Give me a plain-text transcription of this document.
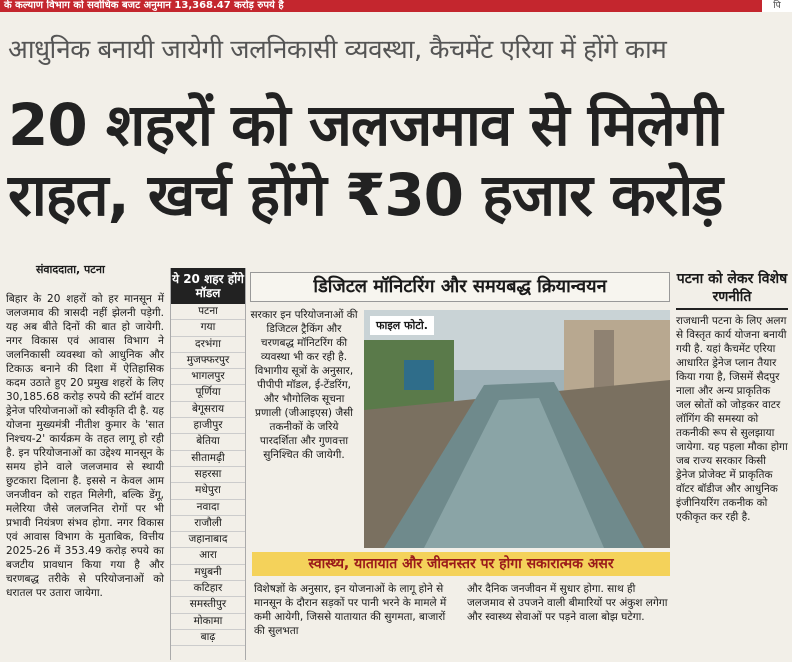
के कल्याण विभाग को सर्वाधिक बजट अनुमान 13,368.47 करोड़ रुपये है	पि
आधुनिक बनायी जायेगी जलनिकासी व्यवस्था, कैचमेंट एरिया में होंगे काम
20 शहरों को जलजमाव से मिलेगी राहत, खर्च होंगे ₹30 हजार करोड़
संवाददाता, पटना
बिहार के 20 शहरों को हर मानसून में जलजमाव की त्रासदी नहीं झेलनी पड़ेगी. यह अब बीते दिनों की बात हो जायेगी. नगर विकास एवं आवास विभाग ने जलनिकासी व्यवस्था को आधुनिक और टिकाऊ बनाने की दिशा में ऐतिहासिक कदम उठाते हुए 20 प्रमुख शहरों के लिए 30,185.68 करोड़ रुपये की स्टॉर्म वाटर ड्रेनेज परियोजनाओं को स्वीकृति दी है. यह योजना मुख्यमंत्री नीतीश कुमार के 'सात निश्चय-2' कार्यक्रम के तहत लागू हो रही है. इन परियोजनाओं का उद्देश्य मानसून के समय होने वाले जलजमाव से स्थायी छुटकारा दिलाना है. इससे न केवल आम जनजीवन को राहत मिलेगी, बल्कि डेंगू, मलेरिया जैसे जलजनित रोगों पर भी प्रभावी नियंत्रण संभव होगा. नगर विकास एवं आवास विभाग के मुताबिक, वित्तीय 2025-26 में 353.49 करोड़ रुपये का बजटीय प्रावधान किया गया है और चरणबद्ध तरीके से परियोजनाओं को धरातल पर उतारा जायेगा.
ये 20 शहर होंगे मॉडल
पटना
गया
दरभंगा
मुजफ्फरपुर
भागलपुर
पूर्णिया
बेगूसराय
हाजीपुर
बेतिया
सीतामढ़ी
सहरसा
मधेपुरा
नवादा
राजौली
जहानाबाद
आरा
मधुबनी
कटिहार
समस्तीपुर
मोकामा
बाढ़
डिजिटल मॉनिटरिंग और समयबद्ध क्रियान्वयन
सरकार इन परियोजनाओं की डिजिटल ट्रैकिंग और चरणबद्ध मॉनिटरिंग की व्यवस्था भी कर रही है. विभागीय सूत्रों के अनुसार, पीपीपी मॉडल, ई-टेंडरिंग, और भौगोलिक सूचना प्रणाली (जीआइएस) जैसी तकनीकों के जरिये पारदर्शिता और गुणवत्ता सुनिश्चित की जायेगी.
फाइल फोटो.
स्वास्थ्य, यातायात और जीवनस्तर पर होगा सकारात्मक असर
विशेषज्ञों के अनुसार, इन योजनाओं के लागू होने से मानसून के दौरान सड़कों पर पानी भरने के मामले में कमी आयेगी, जिससे यातायात की सुगमता, बाजारों की सुलभता
और दैनिक जनजीवन में सुधार होगा. साथ ही जलजमाव से उपजने वाली बीमारियों पर अंकुश लगेगा और स्वास्थ्य सेवाओं पर पड़ने वाला बोझ घटेगा.
पटना को लेकर विशेष रणनीति
राजधानी पटना के लिए अलग से विस्तृत कार्य योजना बनायी गयी है. यहां कैचमेंट एरिया आधारित ड्रेनेज प्लान तैयार किया गया है, जिसमें सैदपुर नाला और अन्य प्राकृतिक जल स्रोतों को जोड़कर वाटर लॉगिंग की समस्या को तकनीकी रूप से सुलझाया जायेगा. यह पहला मौका होगा जब राज्य सरकार किसी ड्रेनेज प्रोजेक्ट में प्राकृतिक वॉटर बॉडीज और आधुनिक इंजीनियरिंग तकनीक को एकीकृत कर रही है.
